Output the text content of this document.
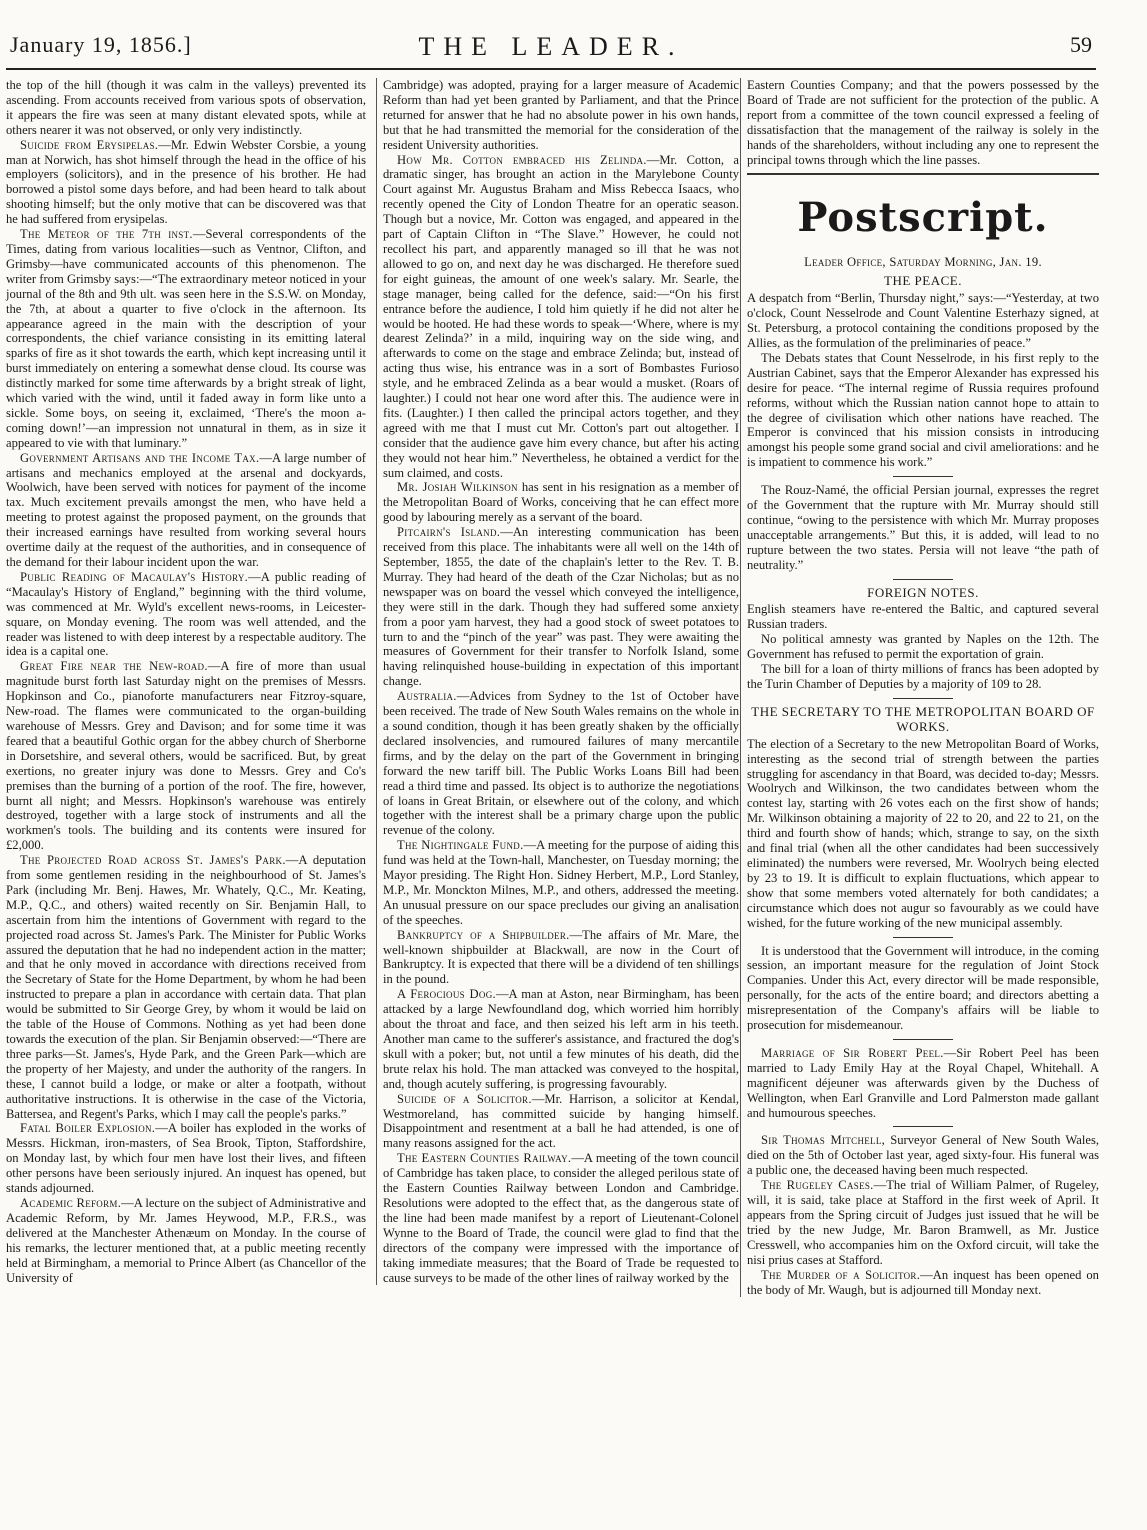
January 19, 1856.]	THE LEADER.	59

the top of the hill (though it was calm in the valleys) prevented its ascending. From accounts received from various spots of observation, it appears the fire was seen at many distant elevated spots, while at others nearer it was not observed, or only very indistinctly.

Suicide from Erysipelas.—Mr. Edwin Webster Corsbie, a young man at Norwich, has shot himself through the head in the office of his employers (solicitors), and in the presence of his brother. He had borrowed a pistol some days before, and had been heard to talk about shooting himself; but the only motive that can be discovered was that he had suffered from erysipelas.

The Meteor of the 7th inst.—Several correspondents of the Times, dating from various localities—such as Ventnor, Clifton, and Grimsby—have communicated accounts of this phenomenon. The writer from Grimsby says:—“The extraordinary meteor noticed in your journal of the 8th and 9th ult. was seen here in the S.S.W. on Monday, the 7th, at about a quarter to five o'clock in the afternoon. Its appearance agreed in the main with the description of your correspondents, the chief variance consisting in its emitting lateral sparks of fire as it shot towards the earth, which kept increasing until it burst immediately on entering a somewhat dense cloud. Its course was distinctly marked for some time afterwards by a bright streak of light, which varied with the wind, until it faded away in form like unto a sickle. Some boys, on seeing it, exclaimed, ‘There's the moon a-coming down!’—an impression not unnatural in them, as in size it appeared to vie with that luminary.”

Government Artisans and the Income Tax.—A large number of artisans and mechanics employed at the arsenal and dockyards, Woolwich, have been served with notices for payment of the income tax. Much excitement prevails amongst the men, who have held a meeting to protest against the proposed payment, on the grounds that their increased earnings have resulted from working several hours overtime daily at the request of the authorities, and in consequence of the demand for their labour incident upon the war.

Public Reading of Macaulay's History.—A public reading of “Macaulay's History of England,” beginning with the third volume, was commenced at Mr. Wyld's excellent news-rooms, in Leicester-square, on Monday evening. The room was well attended, and the reader was listened to with deep interest by a respectable auditory. The idea is a capital one.

Great Fire near the New-road.—A fire of more than usual magnitude burst forth last Saturday night on the premises of Messrs. Hopkinson and Co., pianoforte manufacturers near Fitzroy-square, New-road. The flames were communicated to the organ-building warehouse of Messrs. Grey and Davison; and for some time it was feared that a beautiful Gothic organ for the abbey church of Sherborne in Dorsetshire, and several others, would be sacrificed. But, by great exertions, no greater injury was done to Messrs. Grey and Co's premises than the burning of a portion of the roof. The fire, however, burnt all night; and Messrs. Hopkinson's warehouse was entirely destroyed, together with a large stock of instruments and all the workmen's tools. The building and its contents were insured for £2,000.

The Projected Road across St. James's Park.—A deputation from some gentlemen residing in the neighbourhood of St. James's Park (including Mr. Benj. Hawes, Mr. Whately, Q.C., Mr. Keating, M.P., Q.C., and others) waited recently on Sir. Benjamin Hall, to ascertain from him the intentions of Government with regard to the projected road across St. James's Park. The Minister for Public Works assured the deputation that he had no independent action in the matter; and that he only moved in accordance with directions received from the Secretary of State for the Home Department, by whom he had been instructed to prepare a plan in accordance with certain data. That plan would be submitted to Sir George Grey, by whom it would be laid on the table of the House of Commons. Nothing as yet had been done towards the execution of the plan. Sir Benjamin observed:—“There are three parks—St. James's, Hyde Park, and the Green Park—which are the property of her Majesty, and under the authority of the rangers. In these, I cannot build a lodge, or make or alter a footpath, without authoritative instructions. It is otherwise in the case of the Victoria, Battersea, and Regent's Parks, which I may call the people's parks.”

Fatal Boiler Explosion.—A boiler has exploded in the works of Messrs. Hickman, iron-masters, of Sea Brook, Tipton, Staffordshire, on Monday last, by which four men have lost their lives, and fifteen other persons have been seriously injured. An inquest has opened, but stands adjourned.

Academic Reform.—A lecture on the subject of Administrative and Academic Reform, by Mr. James Heywood, M.P., F.R.S., was delivered at the Manchester Athenæum on Monday. In the course of his remarks, the lecturer mentioned that, at a public meeting recently held at Birmingham, a memorial to Prince Albert (as Chancellor of the University of

Cambridge) was adopted, praying for a larger measure of Academic Reform than had yet been granted by Parliament, and that the Prince returned for answer that he had no absolute power in his own hands, but that he had transmitted the memorial for the consideration of the resident University authorities.

How Mr. Cotton embraced his Zelinda.—Mr. Cotton, a dramatic singer, has brought an action in the Marylebone County Court against Mr. Augustus Braham and Miss Rebecca Isaacs, who recently opened the City of London Theatre for an operatic season. Though but a novice, Mr. Cotton was engaged, and appeared in the part of Captain Clifton in “The Slave.” However, he could not recollect his part, and apparently managed so ill that he was not allowed to go on, and next day he was discharged. He therefore sued for eight guineas, the amount of one week's salary. Mr. Searle, the stage manager, being called for the defence, said:—“On his first entrance before the audience, I told him quietly if he did not alter he would be hooted. He had these words to speak—‘Where, where is my dearest Zelinda?’ in a mild, inquiring way on the side wing, and afterwards to come on the stage and embrace Zelinda; but, instead of acting thus wise, his entrance was in a sort of Bombastes Furioso style, and he embraced Zelinda as a bear would a musket. (Roars of laughter.) I could not hear one word after this. The audience were in fits. (Laughter.) I then called the principal actors together, and they agreed with me that I must cut Mr. Cotton's part out altogether. I consider that the audience gave him every chance, but after his acting they would not hear him.” Nevertheless, he obtained a verdict for the sum claimed, and costs.

Mr. Josiah Wilkinson has sent in his resignation as a member of the Metropolitan Board of Works, conceiving that he can effect more good by labouring merely as a servant of the board.

Pitcairn's Island.—An interesting communication has been received from this place. The inhabitants were all well on the 14th of September, 1855, the date of the chaplain's letter to the Rev. T. B. Murray. They had heard of the death of the Czar Nicholas; but as no newspaper was on board the vessel which conveyed the intelligence, they were still in the dark. Though they had suffered some anxiety from a poor yam harvest, they had a good stock of sweet potatoes to turn to and the “pinch of the year” was past. They were awaiting the measures of Government for their transfer to Norfolk Island, some having relinquished house-building in expectation of this important change.

Australia.—Advices from Sydney to the 1st of October have been received. The trade of New South Wales remains on the whole in a sound condition, though it has been greatly shaken by the officially declared insolvencies, and rumoured failures of many mercantile firms, and by the delay on the part of the Government in bringing forward the new tariff bill. The Public Works Loans Bill had been read a third time and passed. Its object is to authorize the negotiations of loans in Great Britain, or elsewhere out of the colony, and which together with the interest shall be a primary charge upon the public revenue of the colony.

The Nightingale Fund.—A meeting for the purpose of aiding this fund was held at the Town-hall, Manchester, on Tuesday morning; the Mayor presiding. The Right Hon. Sidney Herbert, M.P., Lord Stanley, M.P., Mr. Monckton Milnes, M.P., and others, addressed the meeting. An unusual pressure on our space precludes our giving an analisation of the speeches.

Bankruptcy of a Shipbuilder.—The affairs of Mr. Mare, the well-known shipbuilder at Blackwall, are now in the Court of Bankruptcy. It is expected that there will be a dividend of ten shillings in the pound.

A Ferocious Dog.—A man at Aston, near Birmingham, has been attacked by a large Newfoundland dog, which worried him horribly about the throat and face, and then seized his left arm in his teeth. Another man came to the sufferer's assistance, and fractured the dog's skull with a poker; but, not until a few minutes of his death, did the brute relax his hold. The man attacked was conveyed to the hospital, and, though acutely suffering, is progressing favourably.

Suicide of a Solicitor.—Mr. Harrison, a solicitor at Kendal, Westmoreland, has committed suicide by hanging himself. Disappointment and resentment at a ball he had attended, is one of many reasons assigned for the act.

The Eastern Counties Railway.—A meeting of the town council of Cambridge has taken place, to consider the alleged perilous state of the Eastern Counties Railway between London and Cambridge. Resolutions were adopted to the effect that, as the dangerous state of the line had been made manifest by a report of Lieutenant-Colonel Wynne to the Board of Trade, the council were glad to find that the directors of the company were impressed with the importance of taking immediate measures; that the Board of Trade be requested to cause surveys to be made of the other lines of railway worked by the

Eastern Counties Company; and that the powers possessed by the Board of Trade are not sufficient for the protection of the public. A report from a committee of the town council expressed a feeling of dissatisfaction that the management of the railway is solely in the hands of the shareholders, without including any one to represent the principal towns through which the line passes.

Postscript.
Leader Office, Saturday Morning, Jan. 19.
THE PEACE.

A despatch from “Berlin, Thursday night,” says:—“Yesterday, at two o'clock, Count Nesselrode and Count Valentine Esterhazy signed, at St. Petersburg, a protocol containing the conditions proposed by the Allies, as the formulation of the preliminaries of peace.”

The Debats states that Count Nesselrode, in his first reply to the Austrian Cabinet, says that the Emperor Alexander has expressed his desire for peace. “The internal regime of Russia requires profound reforms, without which the Russian nation cannot hope to attain to the degree of civilisation which other nations have reached. The Emperor is convinced that his mission consists in introducing amongst his people some grand social and civil ameliorations: and he is impatient to commence his work.”

The Rouz-Namé, the official Persian journal, expresses the regret of the Government that the rupture with Mr. Murray should still continue, “owing to the persistence with which Mr. Murray proposes unacceptable arrangements.” But this, it is added, will lead to no rupture between the two states. Persia will not leave “the path of neutrality.”

FOREIGN NOTES.

English steamers have re-entered the Baltic, and captured several Russian traders.

No political amnesty was granted by Naples on the 12th. The Government has refused to permit the exportation of grain.

The bill for a loan of thirty millions of francs has been adopted by the Turin Chamber of Deputies by a majority of 109 to 28.

THE SECRETARY TO THE METROPOLITAN BOARD OF WORKS.

The election of a Secretary to the new Metropolitan Board of Works, interesting as the second trial of strength between the parties struggling for ascendancy in that Board, was decided to-day; Messrs. Woolrych and Wilkinson, the two candidates between whom the contest lay, starting with 26 votes each on the first show of hands; Mr. Wilkinson obtaining a majority of 22 to 20, and 22 to 21, on the third and fourth show of hands; which, strange to say, on the sixth and final trial (when all the other candidates had been successively eliminated) the numbers were reversed, Mr. Woolrych being elected by 23 to 19. It is difficult to explain fluctuations, which appear to show that some members voted alternately for both candidates; a circumstance which does not augur so favourably as we could have wished, for the future working of the new municipal assembly.

It is understood that the Government will introduce, in the coming session, an important measure for the regulation of Joint Stock Companies. Under this Act, every director will be made responsible, personally, for the acts of the entire board; and directors abetting a misrepresentation of the Company's affairs will be liable to prosecution for misdemeanour.

Marriage of Sir Robert Peel.—Sir Robert Peel has been married to Lady Emily Hay at the Royal Chapel, Whitehall. A magnificent déjeuner was afterwards given by the Duchess of Wellington, when Earl Granville and Lord Palmerston made gallant and humourous speeches.

Sir Thomas Mitchell, Surveyor General of New South Wales, died on the 5th of October last year, aged sixty-four. His funeral was a public one, the deceased having been much respected.

The Rugeley Cases.—The trial of William Palmer, of Rugeley, will, it is said, take place at Stafford in the first week of April. It appears from the Spring circuit of Judges just issued that he will be tried by the new Judge, Mr. Baron Bramwell, as Mr. Justice Cresswell, who accompanies him on the Oxford circuit, will take the nisi prius cases at Stafford.

The Murder of a Solicitor.—An inquest has been opened on the body of Mr. Waugh, but is adjourned till Monday next.
